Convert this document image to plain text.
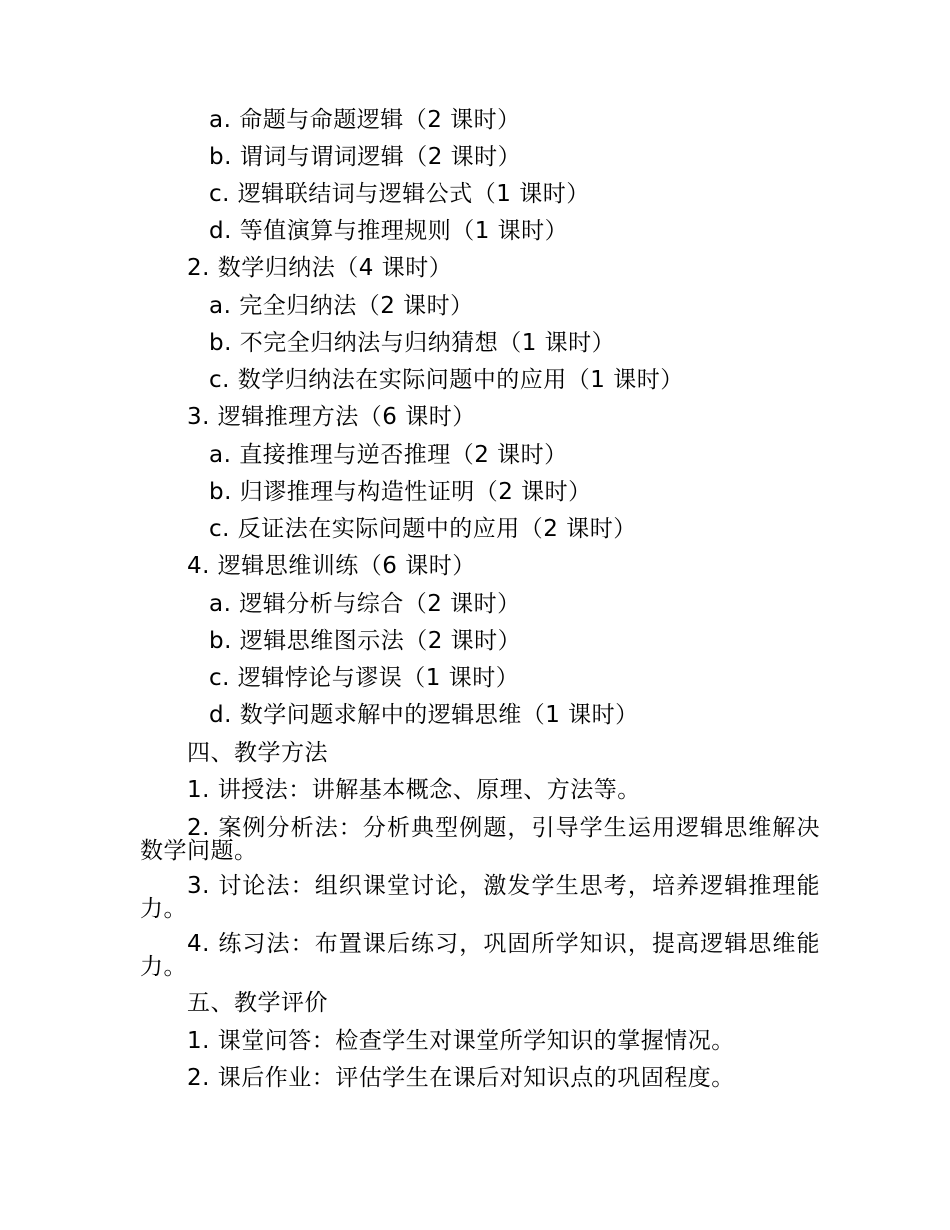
a. 命题与命题逻辑（2 课时）
b. 谓词与谓词逻辑（2 课时）
c. 逻辑联结词与逻辑公式（1 课时）
d. 等值演算与推理规则（1 课时）
2. 数学归纳法（4 课时）
a. 完全归纳法（2 课时）
b. 不完全归纳法与归纳猜想（1 课时）
c. 数学归纳法在实际问题中的应用（1 课时）
3. 逻辑推理方法（6 课时）
a. 直接推理与逆否推理（2 课时）
b. 归谬推理与构造性证明（2 课时）
c. 反证法在实际问题中的应用（2 课时）
4. 逻辑思维训练（6 课时）
a. 逻辑分析与综合（2 课时）
b. 逻辑思维图示法（2 课时）
c. 逻辑悖论与谬误（1 课时）
d. 数学问题求解中的逻辑思维（1 课时）
四、教学方法
1. 讲授法：讲解基本概念、原理、方法等。
2. 案例分析法：分析典型例题，引导学生运用逻辑思维解决数学问题。
3. 讨论法：组织课堂讨论，激发学生思考，培养逻辑推理能力。
4. 练习法：布置课后练习，巩固所学知识，提高逻辑思维能力。
五、教学评价
1. 课堂问答：检查学生对课堂所学知识的掌握情况。
2. 课后作业：评估学生在课后对知识点的巩固程度。
